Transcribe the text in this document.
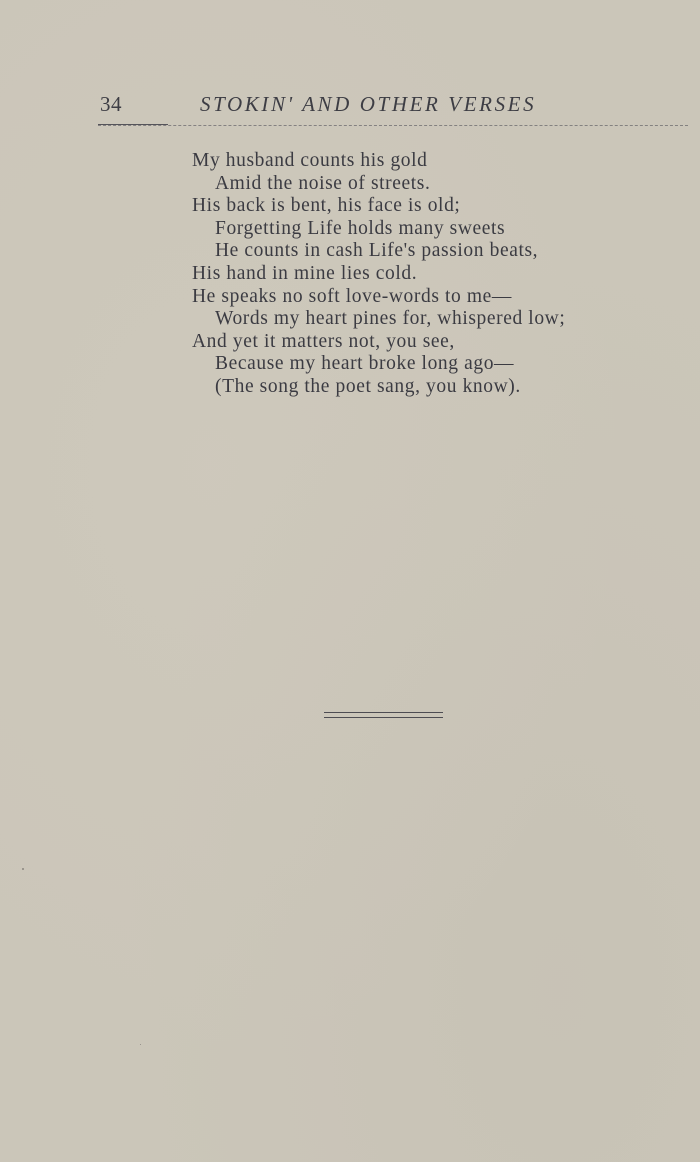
34	STOKIN' AND OTHER VERSES
My husband counts his gold
Amid the noise of streets.
His back is bent, his face is old;
Forgetting Life holds many sweets
He counts in cash Life's passion beats,
His hand in mine lies cold.
He speaks no soft love-words to me—
Words my heart pines for, whispered low;
And yet it matters not, you see,
Because my heart broke long ago—
(The song the poet sang, you know).
